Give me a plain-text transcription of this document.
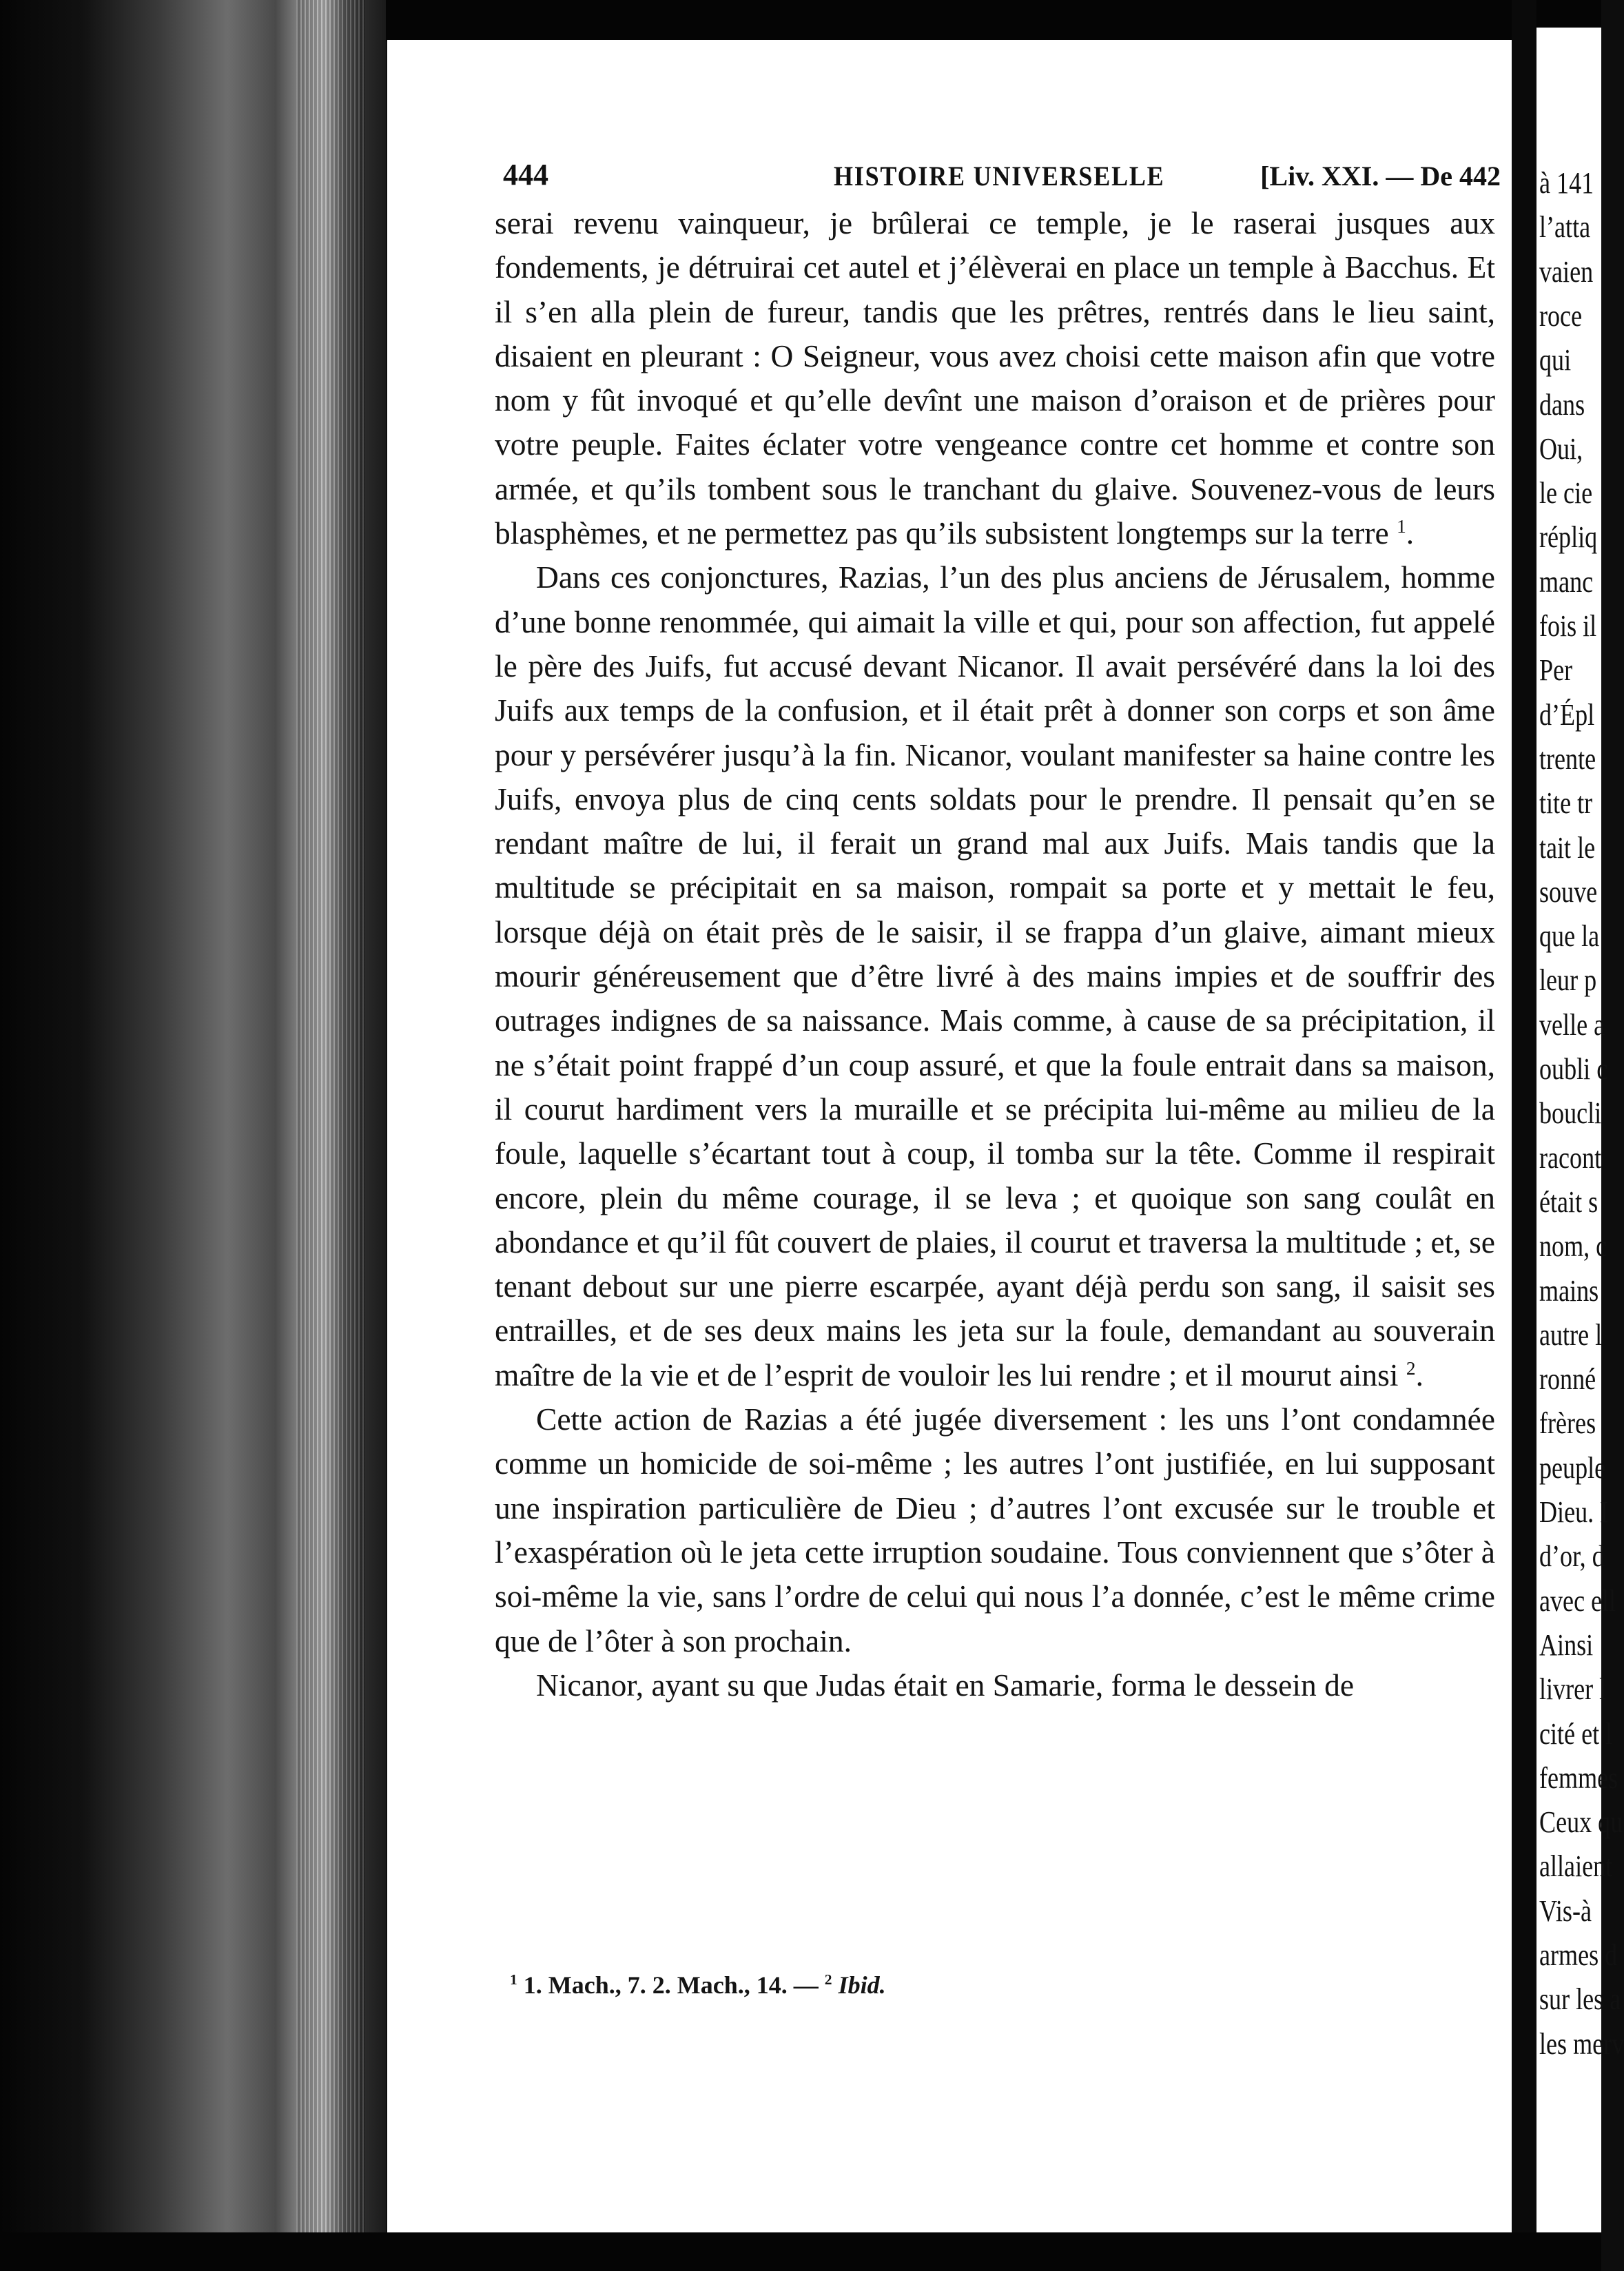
444	HISTOIRE UNIVERSELLE	[Liv. XXI. — De 442

serai revenu vainqueur, je brûlerai ce temple, je le raserai jusques aux fondements, je détruirai cet autel et j’élèverai en place un temple à Bacchus. Et il s’en alla plein de fureur, tandis que les prêtres, rentrés dans le lieu saint, disaient en pleurant : O Seigneur, vous avez choisi cette maison afin que votre nom y fût invoqué et qu’elle devînt une maison d’oraison et de prières pour votre peuple. Faites éclater votre vengeance contre cet homme et contre son armée, et qu’ils tombent sous le tranchant du glaive. Souvenez-vous de leurs blasphèmes, et ne permettez pas qu’ils subsistent longtemps sur la terre $^1$.

Dans ces conjonctures, Razias, l’un des plus anciens de Jérusalem, homme d’une bonne renommée, qui aimait la ville et qui, pour son affection, fut appelé le père des Juifs, fut accusé devant Nicanor. Il avait persévéré dans la loi des Juifs aux temps de la confusion, et il était prêt à donner son corps et son âme pour y persévérer jusqu’à la fin. Nicanor, voulant manifester sa haine contre les Juifs, envoya plus de cinq cents soldats pour le prendre. Il pensait qu’en se rendant maître de lui, il ferait un grand mal aux Juifs. Mais tandis que la multitude se précipitait en sa maison, rompait sa porte et y mettait le feu, lorsque déjà on était près de le saisir, il se frappa d’un glaive, aimant mieux mourir généreusement que d’être livré à des mains impies et de souffrir des outrages indignes de sa naissance. Mais comme, à cause de sa précipitation, il ne s’était point frappé d’un coup assuré, et que la foule entrait dans sa maison, il courut hardiment vers la muraille et se précipita lui-même au milieu de la foule, laquelle s’écartant tout à coup, il tomba sur la tête. Comme il respirait encore, plein du même courage, il se leva ; et quoique son sang coulât en abondance et qu’il fût couvert de plaies, il courut et traversa la multitude ; et, se tenant debout sur une pierre escarpée, ayant déjà perdu son sang, il saisit ses entrailles, et de ses deux mains les jeta sur la foule, demandant au souverain maître de la vie et de l’esprit de vouloir les lui rendre ; et il mourut ainsi $^2$.

Cette action de Razias a été jugée diversement : les uns l’ont condamnée comme un homicide de soi-même ; les autres l’ont justifiée, en lui supposant une inspiration particulière de Dieu ; d’autres l’ont excusée sur le trouble et l’exaspération où le jeta cette irruption soudaine. Tous conviennent que s’ôter à soi-même la vie, sans l’ordre de celui qui nous l’a donnée, c’est le même crime que de l’ôter à son prochain.

Nicanor, ayant su que Judas était en Samarie, forma le dessein de

$^1$ 1. Mach., 7. 2. Mach., 14. — $^2$ Ibid.
à 141
l’atta
vaien
roce
qui
dans
Oui,
le cie
répliq
manc
fois il
Per
d’Épl
trente
tite tr
tait le
souve
que la
leur p
velle a
oubli c
boucli
racont
était s
nom, c
mains
autre l
ronné
frères
peuple
Dieu. I
d’or, d
avec ell
Ainsi
livrer l
cité et l
femmes
Ceux qu
allaient
Vis-à
armes d
sur les a
les merv
